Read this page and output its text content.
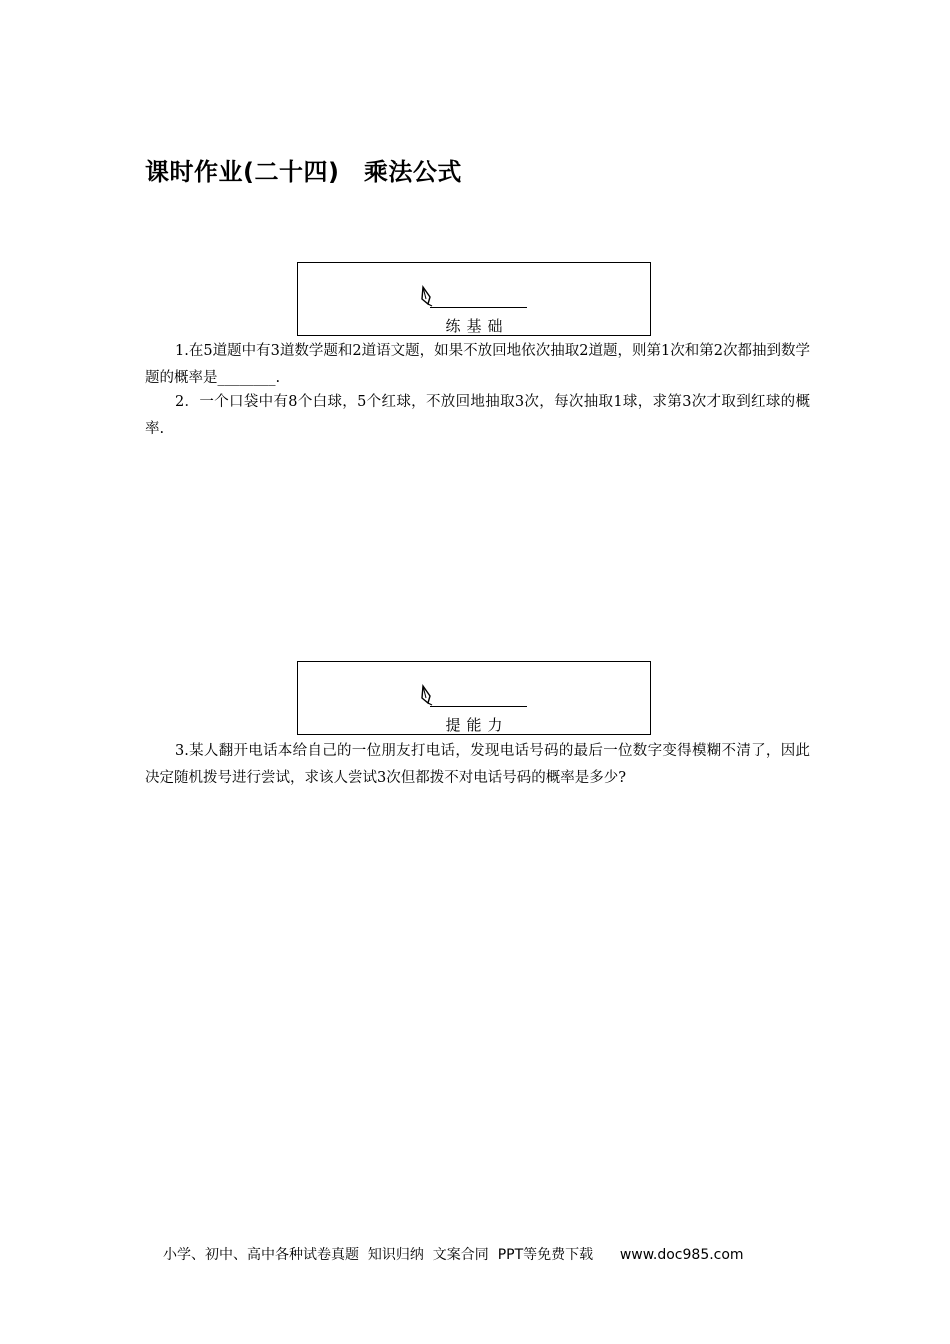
课时作业(二十四)　乘法公式
练基础
1.在5道题中有3道数学题和2道语文题，如果不放回地依次抽取2道题，则第1次和第2次都抽到数学题的概率是________.
2．一个口袋中有8个白球，5个红球，不放回地抽取3次，每次抽取1球，求第3次才取到红球的概率.
提能力
3.某人翻开电话本给自己的一位朋友打电话，发现电话号码的最后一位数字变得模糊不清了，因此决定随机拨号进行尝试，求该人尝试3次但都拨不对电话号码的概率是多少?
小学、初中、高中各种试卷真题  知识归纳  文案合同  PPT等免费下载      www.doc985.com
